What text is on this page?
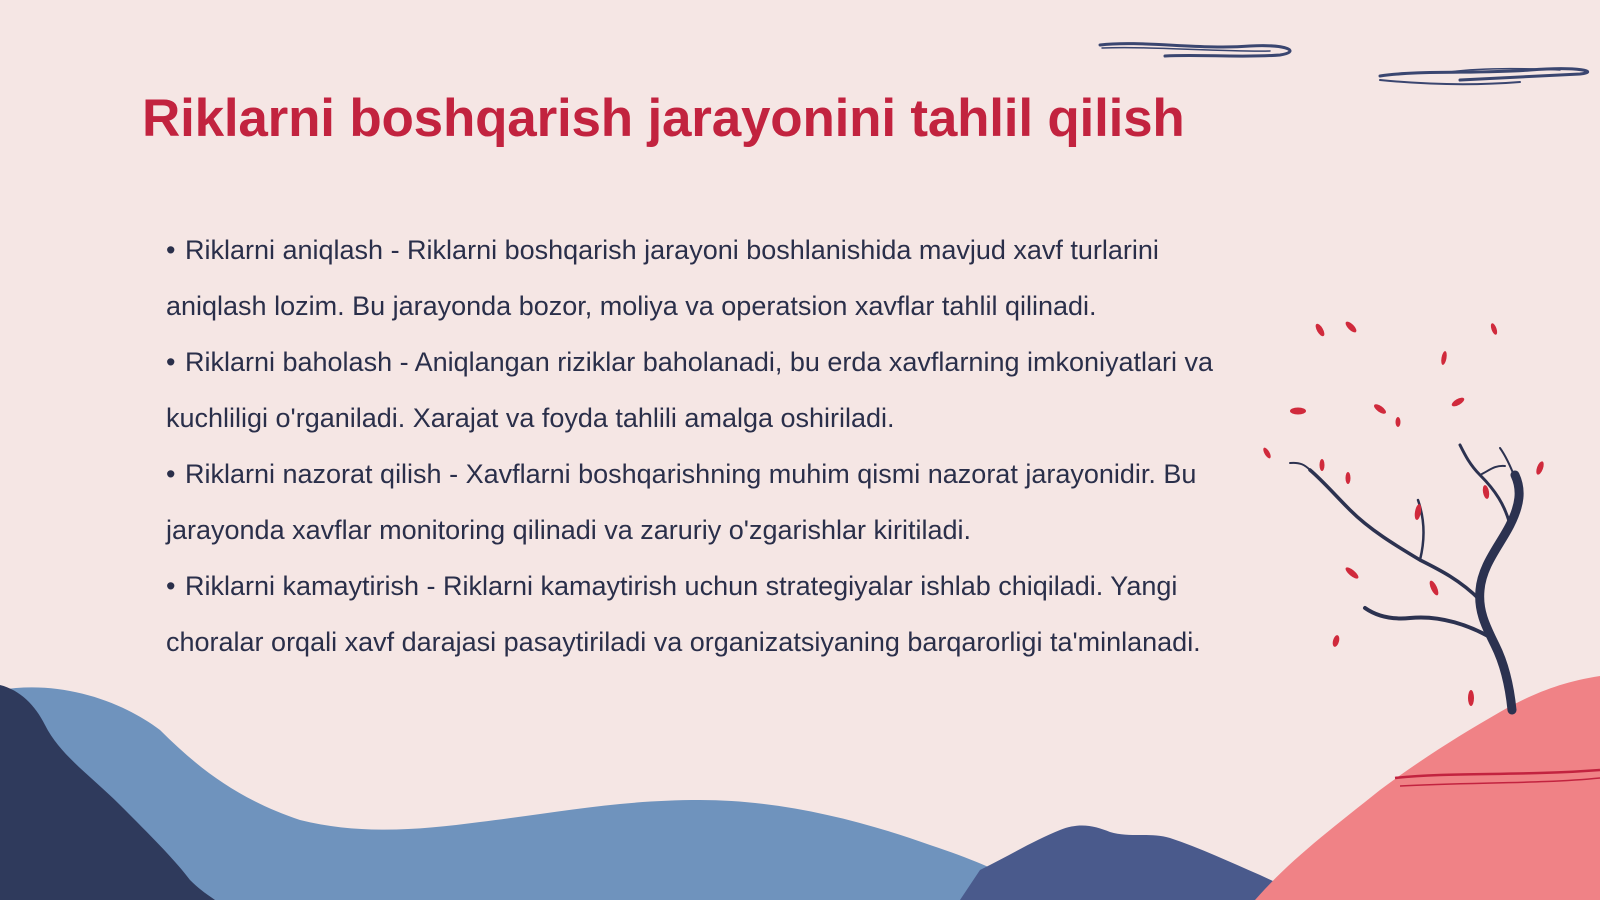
Riklarni boshqarish jarayonini tahlil qilish
• Riklarni aniqlash - Riklarni boshqarish jarayoni boshlanishida mavjud xavf turlarini aniqlash lozim. Bu jarayonda bozor, moliya va operatsion xavflar tahlil qilinadi.
• Riklarni baholash - Aniqlangan riziklar baholanadi, bu erda xavflarning imkoniyatlari va kuchliligi o'rganiladi. Xarajat va foyda tahlili amalga oshiriladi.
• Riklarni nazorat qilish - Xavflarni boshqarishning muhim qismi nazorat jarayonidir. Bu jarayonda xavflar monitoring qilinadi va zaruriy o'zgarishlar kiritiladi.
• Riklarni kamaytirish - Riklarni kamaytirish uchun strategiyalar ishlab chiqiladi. Yangi choralar orqali xavf darajasi pasaytiriladi va organizatsiyaning barqarorligi ta'minlanadi.
